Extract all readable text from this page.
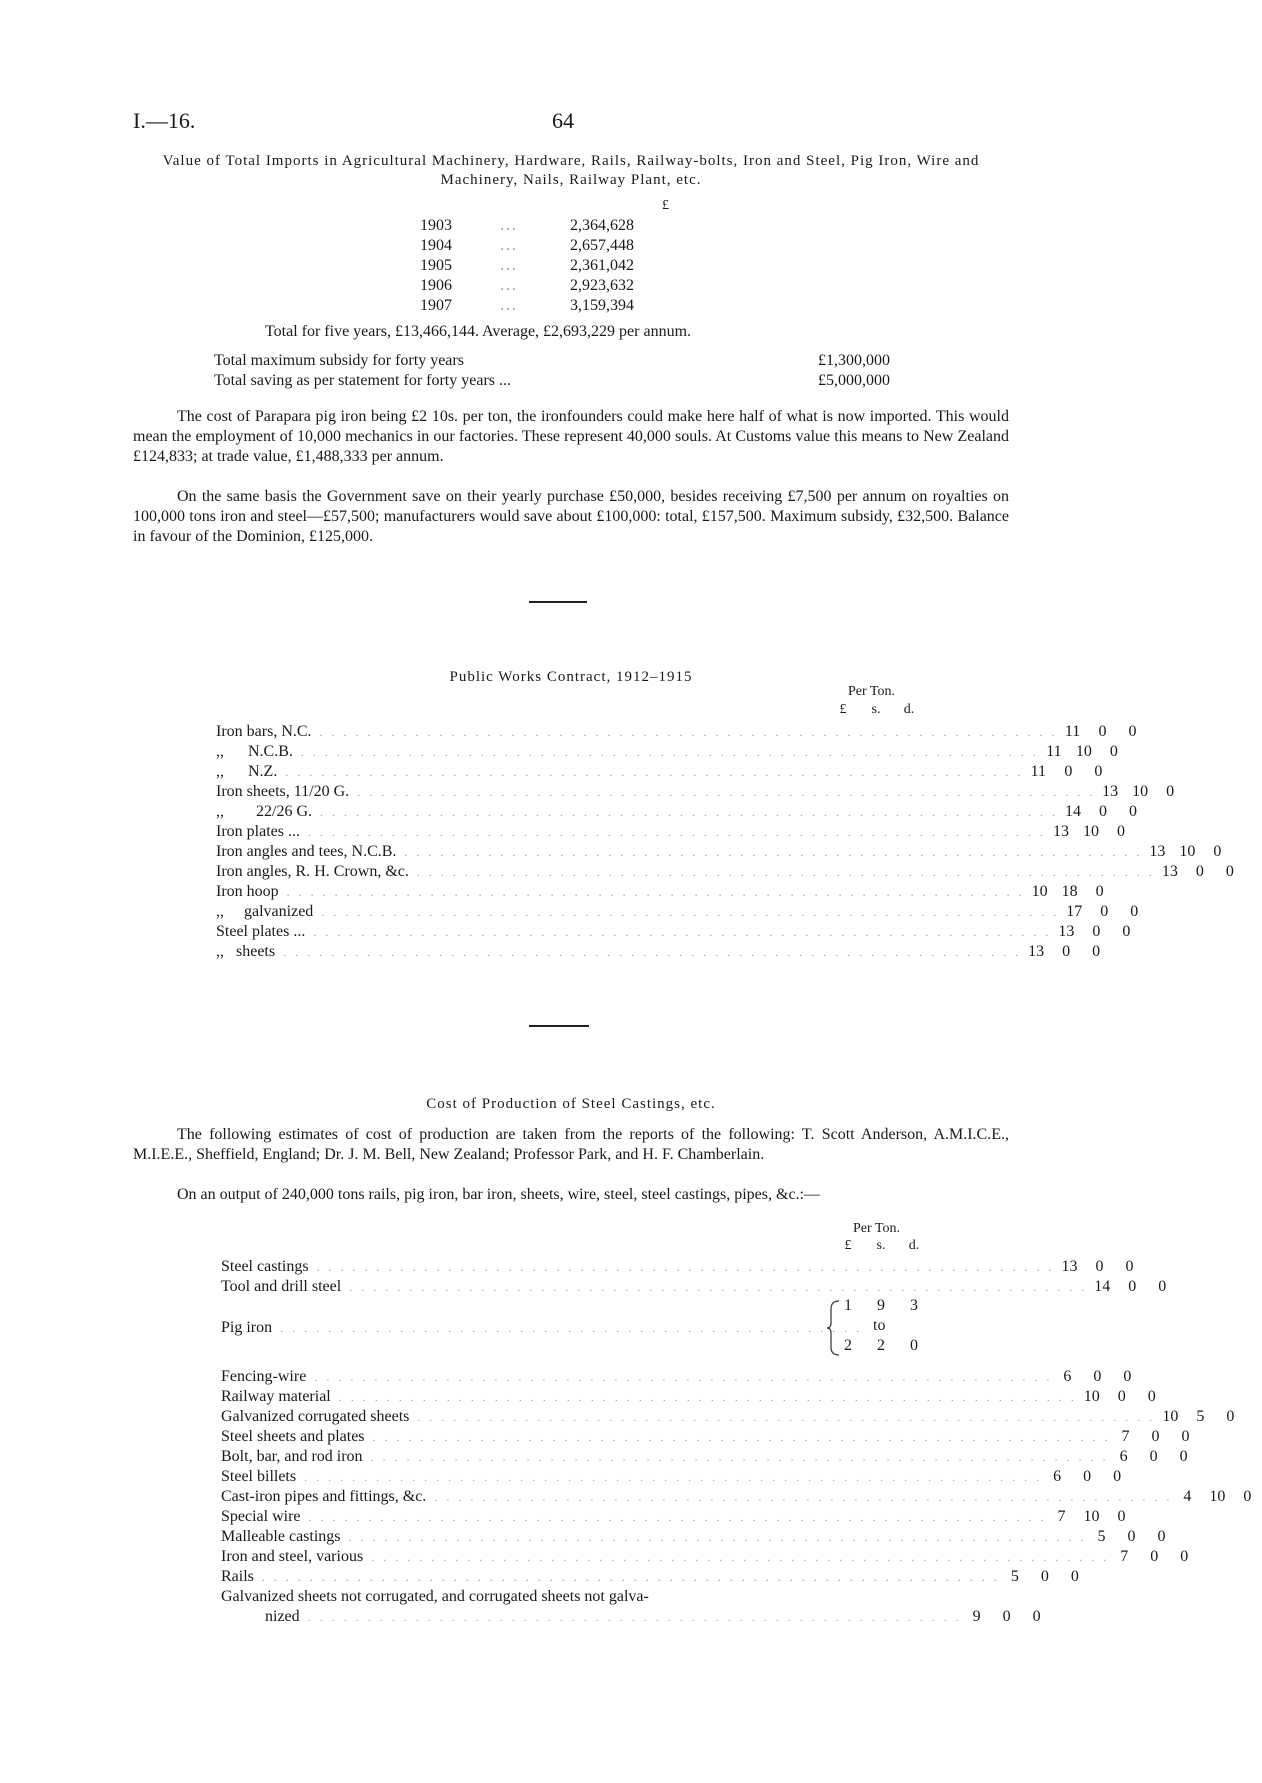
I.—16.	64
Value of Total Imports in Agricultural Machinery, Hardware, Rails, Railway-bolts, Iron and Steel, Pig Iron, Wire and Machinery, Nails, Railway Plant, etc.
£
1903	...	2,364,628
1904	...	2,657,448
1905	...	2,361,042
1906	...	2,923,632
1907	...	3,159,394
Total for five years, £13,466,144. Average, £2,693,229 per annum.
Total maximum subsidy for forty years	£1,300,000
Total saving as per statement for forty years ...	£5,000,000
The cost of Parapara pig iron being £2 10s. per ton, the ironfounders could make here half of what is now imported. This would mean the employment of 10,000 mechanics in our factories. These represent 40,000 souls. At Customs value this means to New Zealand £124,833; at trade value, £1,488,333 per annum.
On the same basis the Government save on their yearly purchase £50,000, besides receiving £7,500 per annum on royalties on 100,000 tons iron and steel—£57,500; manufacturers would save about £100,000: total, £157,500. Maximum subsidy, £32,500. Balance in favour of the Dominion, £125,000.
Public Works Contract, 1912–1915
Per Ton.
£	s.	d.
Iron bars, N.C. . . . . . . . . . . . . . . . . . . . . . . . . . . . . . . . . . . . . . . . . . . . . . . . . . . . . . . . . . . . . . . 11	0	0
,,      N.C.B. . . . . . . . . . . . . . . . . . . . . . . . . . . . . . . . . . . . . . . . . . . . . . . . . . . . . . . . . . . . . . . 11 10	0
,,      N.Z. . . . . . . . . . . . . . . . . . . . . . . . . . . . . . . . . . . . . . . . . . . . . . . . . . . . . . . . . . . . . . . 11	0	0
Iron sheets, 11/20 G. . . . . . . . . . . . . . . . . . . . . . . . . . . . . . . . . . . . . . . . . . . . . . . . . . . . . . . . . . . . . . . 13 10	0
,,        22/26 G. . . . . . . . . . . . . . . . . . . . . . . . . . . . . . . . . . . . . . . . . . . . . . . . . . . . . . . . . . . . . . . 14	0	0
Iron plates ... . . . . . . . . . . . . . . . . . . . . . . . . . . . . . . . . . . . . . . . . . . . . . . . . . . . . . . . . . . . . . . 13 10	0
Iron angles and tees, N.C.B. . . . . . . . . . . . . . . . . . . . . . . . . . . . . . . . . . . . . . . . . . . . . . . . . . . . . . . . . . . . . . . 13 10	0
Iron angles, R. H. Crown, &c. . . . . . . . . . . . . . . . . . . . . . . . . . . . . . . . . . . . . . . . . . . . . . . . . . . . . . . . . . . . . . . 13	0	0
Iron hoop . . . . . . . . . . . . . . . . . . . . . . . . . . . . . . . . . . . . . . . . . . . . . . . . . . . . . . . . . . . . . . 10 18	0
,,     galvanized . . . . . . . . . . . . . . . . . . . . . . . . . . . . . . . . . . . . . . . . . . . . . . . . . . . . . . . . . . . . . . 17	0	0
Steel plates ... . . . . . . . . . . . . . . . . . . . . . . . . . . . . . . . . . . . . . . . . . . . . . . . . . . . . . . . . . . . . . . 13	0	0
,,   sheets . . . . . . . . . . . . . . . . . . . . . . . . . . . . . . . . . . . . . . . . . . . . . . . . . . . . . . . . . . . . . . 13	0	0
Cost of Production of Steel Castings, etc.
The following estimates of cost of production are taken from the reports of the following: T. Scott Anderson, A.M.I.C.E., M.I.E.E., Sheffield, England; Dr. J. M. Bell, New Zealand; Professor Park, and H. F. Chamberlain.
On an output of 240,000 tons rails, pig iron, bar iron, sheets, wire, steel, steel castings, pipes, &c.:—
Per Ton.
£	s.	d.
Steel castings . . . . . . . . . . . . . . . . . . . . . . . . . . . . . . . . . . . . . . . . . . . . . . . . . . . . . . . . . . . . . . 13	0	0
Tool and drill steel . . . . . . . . . . . . . . . . . . . . . . . . . . . . . . . . . . . . . . . . . . . . . . . . . . . . . . . . . . . . . . 14	0	0
Pig iron . . . . . . . . . . . . . . . . . . . . . . . . . . . . . . . . . . . . . . . . . . . . . . . . .
1	9	3
to
2	2	0
Fencing-wire . . . . . . . . . . . . . . . . . . . . . . . . . . . . . . . . . . . . . . . . . . . . . . . . . . . . . . . . . . . . . . 6	0	0
Railway material . . . . . . . . . . . . . . . . . . . . . . . . . . . . . . . . . . . . . . . . . . . . . . . . . . . . . . . . . . . . . . 10	0	0
Galvanized corrugated sheets . . . . . . . . . . . . . . . . . . . . . . . . . . . . . . . . . . . . . . . . . . . . . . . . . . . . . . . . . . . . . . 10	5	0
Steel sheets and plates . . . . . . . . . . . . . . . . . . . . . . . . . . . . . . . . . . . . . . . . . . . . . . . . . . . . . . . . . . . . . . 7	0	0
Bolt, bar, and rod iron . . . . . . . . . . . . . . . . . . . . . . . . . . . . . . . . . . . . . . . . . . . . . . . . . . . . . . . . . . . . . . 6	0	0
Steel billets . . . . . . . . . . . . . . . . . . . . . . . . . . . . . . . . . . . . . . . . . . . . . . . . . . . . . . . . . . . . . . 6	0	0
Cast-iron pipes and fittings, &c. . . . . . . . . . . . . . . . . . . . . . . . . . . . . . . . . . . . . . . . . . . . . . . . . . . . . . . . . . . . . . . 4	10	0
Special wire . . . . . . . . . . . . . . . . . . . . . . . . . . . . . . . . . . . . . . . . . . . . . . . . . . . . . . . . . . . . . . 7	10	0
Malleable castings . . . . . . . . . . . . . . . . . . . . . . . . . . . . . . . . . . . . . . . . . . . . . . . . . . . . . . . . . . . . . . 5	0	0
Iron and steel, various . . . . . . . . . . . . . . . . . . . . . . . . . . . . . . . . . . . . . . . . . . . . . . . . . . . . . . . . . . . . . . 7	0	0
Rails . . . . . . . . . . . . . . . . . . . . . . . . . . . . . . . . . . . . . . . . . . . . . . . . . . . . . . . . . . . . . . 5	0	0
Galvanized sheets not corrugated, and corrugated sheets not galva-
nized . . . . . . . . . . . . . . . . . . . . . . . . . . . . . . . . . . . . . . . . . . . . . . . . . . . . . . . 9	0	0
